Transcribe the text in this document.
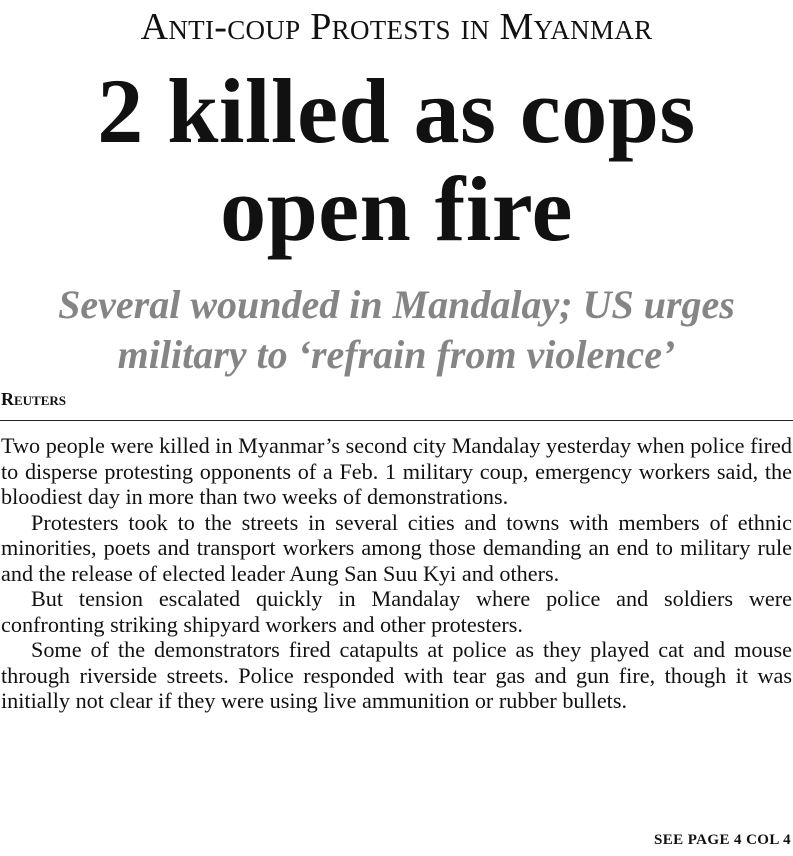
Anti-coup Protests in Myanmar
2 killed as cops
open fire
Several wounded in Mandalay; US urges
military to ‘refrain from violence’
Reuters

Two people were killed in Myanmar’s second city Mandalay yesterday when police fired to disperse protesting opponents of a Feb. 1 military coup, emergency workers said, the bloodiest day in more than two weeks of demonstrations.

Protesters took to the streets in several cities and towns with members of ethnic minorities, poets and transport workers among those demanding an end to military rule and the release of elected leader Aung San Suu Kyi and others.

But tension escalated quickly in Mandalay where police and soldiers were confronting striking shipyard workers and other protesters.

Some of the demonstrators fired catapults at police as they played cat and mouse through riverside streets. Police responded with tear gas and gun fire, though it was initially not clear if they were using live ammunition or rubber bullets.

SEE PAGE 4 COL 4
